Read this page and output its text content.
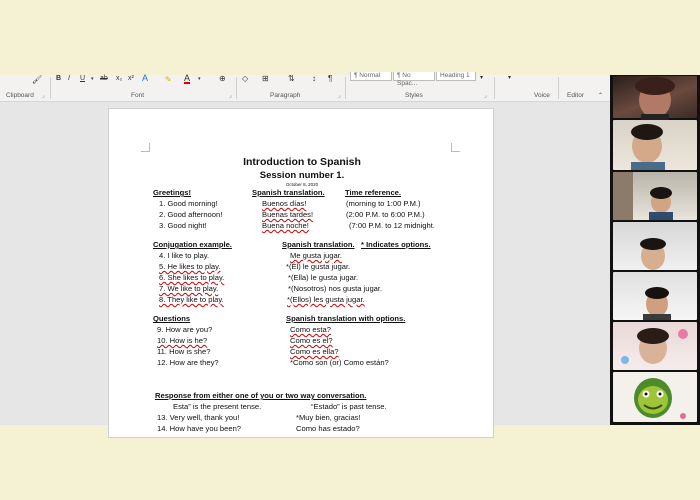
🖌 B I U ▾ ab x₂ x² A ✎ A ▾ ⊕ ◇ ⊞ ⇅ ↕ ¶	¶ Normal	¶ No Spac...
Heading 1	▾	▾
Clipboard ⌟	Font	⌟	Paragraph	⌟	Styles	⌟	Voice	Editor ⌃
Introduction to Spanish
Session number 1.
October 8, 2020
Greetings!	Spanish translation.	Time reference.
1. Good morning!	Buenos días!	(morning to 1:00 P.M.)
2. Good afternoon!	Buenas tardes!	(2:00 P.M. to 6:00 P.M.)
3. Good night!	Buena noche!	(7:00 P.M. to 12 midnight.
Conjugation example.	Spanish translation. * Indicates options.
4. I like to play.	Me gusta jugar.
5. He likes to play.	*(Él) le gusta jugar.
6. She likes to play.	*(Ella) le gusta jugar.
7. We like to play.	*(Nosotros) nos gusta jugar.
8. They like to play.	*(Ellos) les gusta jugar.
Questions	Spanish translation with options.
9. How are you?	Como esta?
10. How is he?	Como es el?
11. How is she?	Como es ella?
12. How are they?	*Como son (or) Como están?
Response from either one of you or two way conversation.
Esta” is the present tense.	“Estado” is past tense.
13. Very well, thank you!	*Muy bien, gracias!
14. How have you been?	Como has estado?
